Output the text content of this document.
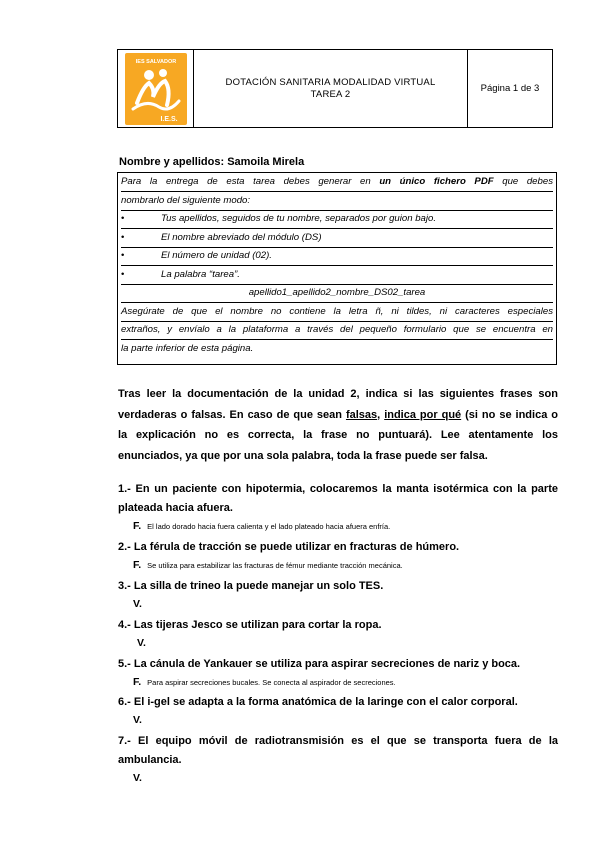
IES SALVADOR
I.E.S.
DOTACIÓN SANITARIA MODALIDAD VIRTUAL
TAREA 2	Página 1 de 3
Nombre y apellidos: Samoila Mirela
Para la entrega de esta tarea debes generar en un único fichero PDF que debes
nombrarlo del siguiente modo:
•	Tus apellidos, seguidos de tu nombre, separados por guion bajo.
•	El nombre abreviado del módulo (DS)
•	El número de unidad (02).
•	La palabra “tarea”.
apellido1_apellido2_nombre_DS02_tarea
Asegúrate de que el nombre no contiene la letra ñ, ni tildes, ni caracteres especiales
extraños, y envíalo a la plataforma a través del pequeño formulario que se encuentra en
la parte inferior de esta página.
Tras leer la documentación de la unidad 2, indica si las siguientes frases son
verdaderas o falsas. En caso de que sean falsas, indica por qué (si no se indica o
la explicación no es correcta, la frase no puntuará). Lee atentamente los
enunciados, ya que por una sola palabra, toda la frase puede ser falsa.
1.- En un paciente con hipotermia, colocaremos la manta isotérmica con la parte
plateada hacia afuera.
F. El lado dorado hacia fuera calienta y el lado plateado hacia afuera enfría.
2.- La férula de tracción se puede utilizar en fracturas de húmero.
F. Se utiliza para estabilizar las fracturas de fémur mediante tracción mecánica.
3.- La silla de trineo la puede manejar un solo TES.
V.
4.- Las tijeras Jesco se utilizan para cortar la ropa.
V.
5.- La cánula de Yankauer se utiliza para aspirar secreciones de nariz y boca.
F. Para aspirar secreciones bucales. Se conecta al aspirador de secreciones.
6.- El i-gel se adapta a la forma anatómica de la laringe con el calor corporal.
V.
7.- El equipo móvil de radiotransmisión es el que se transporta fuera de la
ambulancia.
V.
